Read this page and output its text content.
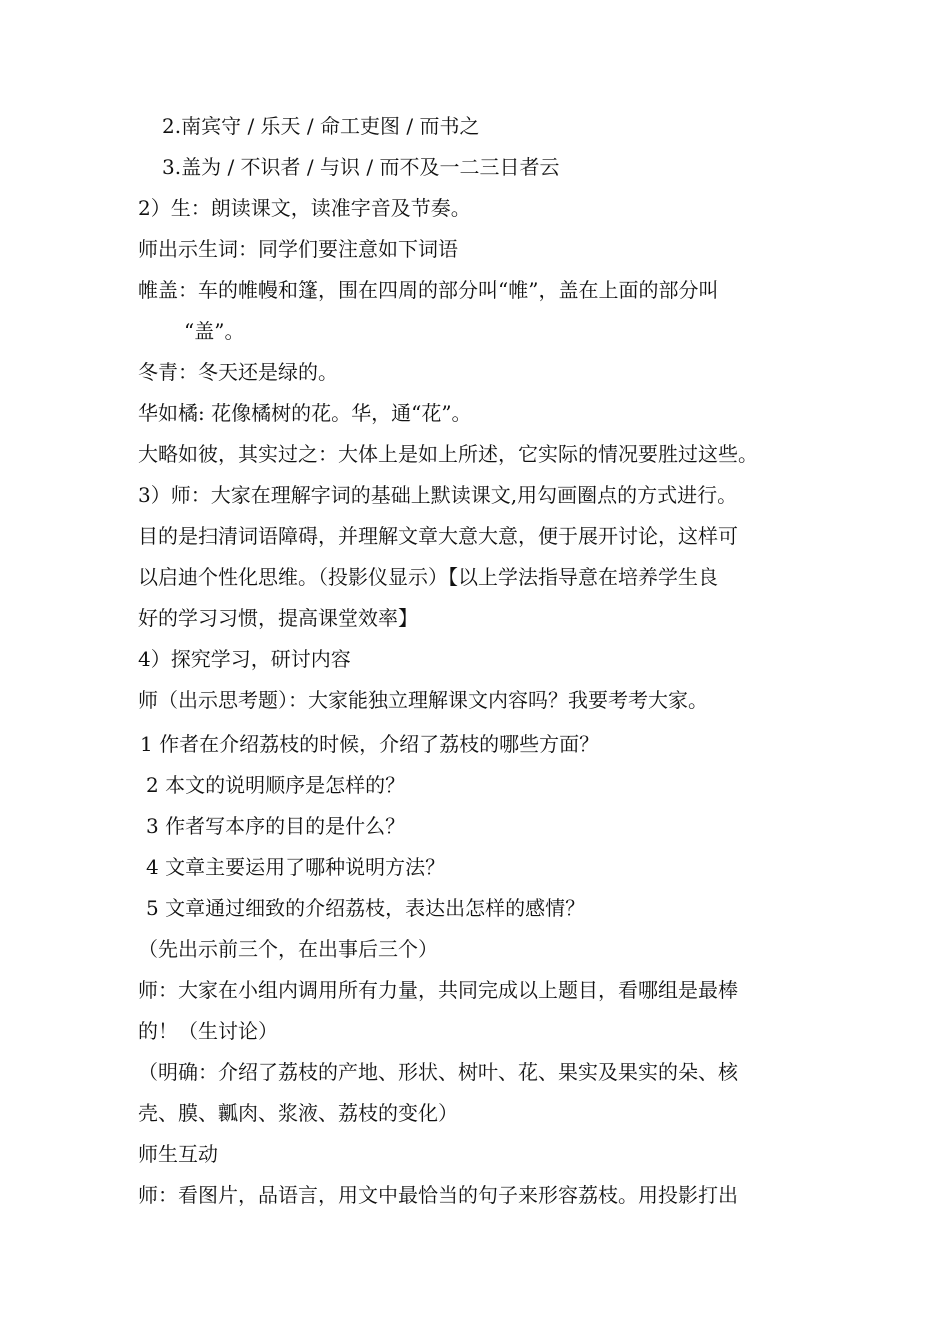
2.南宾守 / 乐天 / 命工吏图 / 而书之
3.盖为 / 不识者 / 与识 / 而不及一二三日者云
2）生：朗读课文，读准字音及节奏。
师出示生词：同学们要注意如下词语
帷盖：车的帷幔和篷，围在四周的部分叫“帷”，盖在上面的部分叫
“盖”。
冬青：冬天还是绿的。
华如橘: 花像橘树的花。华，通“花”。
大略如彼，其实过之：大体上是如上所述，它实际的情况要胜过这些。
3）师：大家在理解字词的基础上默读课文,用勾画圈点的方式进行。
目的是扫清词语障碍，并理解文章大意大意，便于展开讨论，这样可
以启迪个性化思维。（投影仪显示）【以上学法指导意在培养学生良
好的学习习惯，提高课堂效率】
4）探究学习，研讨内容
师（出示思考题）：大家能独立理解课文内容吗？我要考考大家。
1 作者在介绍荔枝的时候，介绍了荔枝的哪些方面？
2 本文的说明顺序是怎样的？
3 作者写本序的目的是什么？
4 文章主要运用了哪种说明方法？
5 文章通过细致的介绍荔枝，表达出怎样的感情？
（先出示前三个，在出事后三个）
师：大家在小组内调用所有力量，共同完成以上题目，看哪组是最棒
的！（生讨论）
（明确：介绍了荔枝的产地、形状、树叶、花、果实及果实的朵、核
壳、膜、瓤肉、浆液、荔枝的变化）
师生互动
师：看图片，品语言，用文中最恰当的句子来形容荔枝。用投影打出
